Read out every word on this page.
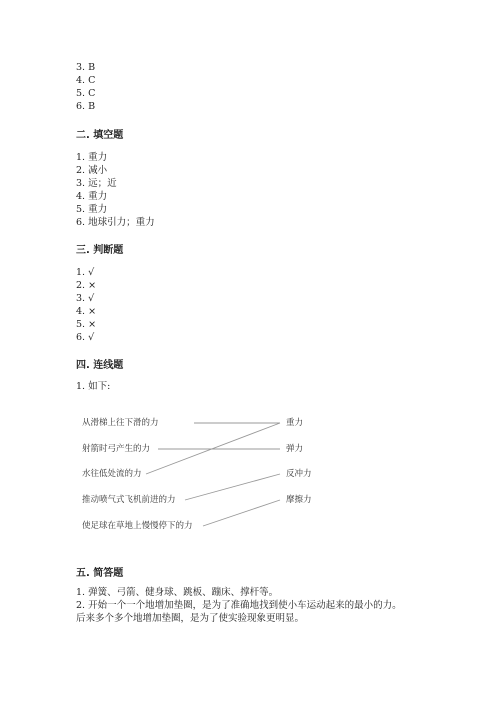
3. B
4. C
5. C
6. B
二. 填空题
1. 重力
2. 减小
3. 远；近
4. 重力
5. 重力
6. 地球引力；重力
三. 判断题
1. √
2. ×
3. √
4. ×
5. ×
6. √
四. 连线题
1. 如下:
从滑梯上往下滑的力
射箭时弓产生的力
水往低处流的力
推动喷气式飞机前进的力
使足球在草地上慢慢停下的力
重力
弹力
反冲力
摩擦力
五. 简答题
1. 弹簧、弓箭、健身球、跳板、蹦床、撑杆等。
2. 开始一个一个地增加垫圈，是为了准确地找到使小车运动起来的最小的力。
后来多个多个地增加垫圈，是为了使实验现象更明显。
